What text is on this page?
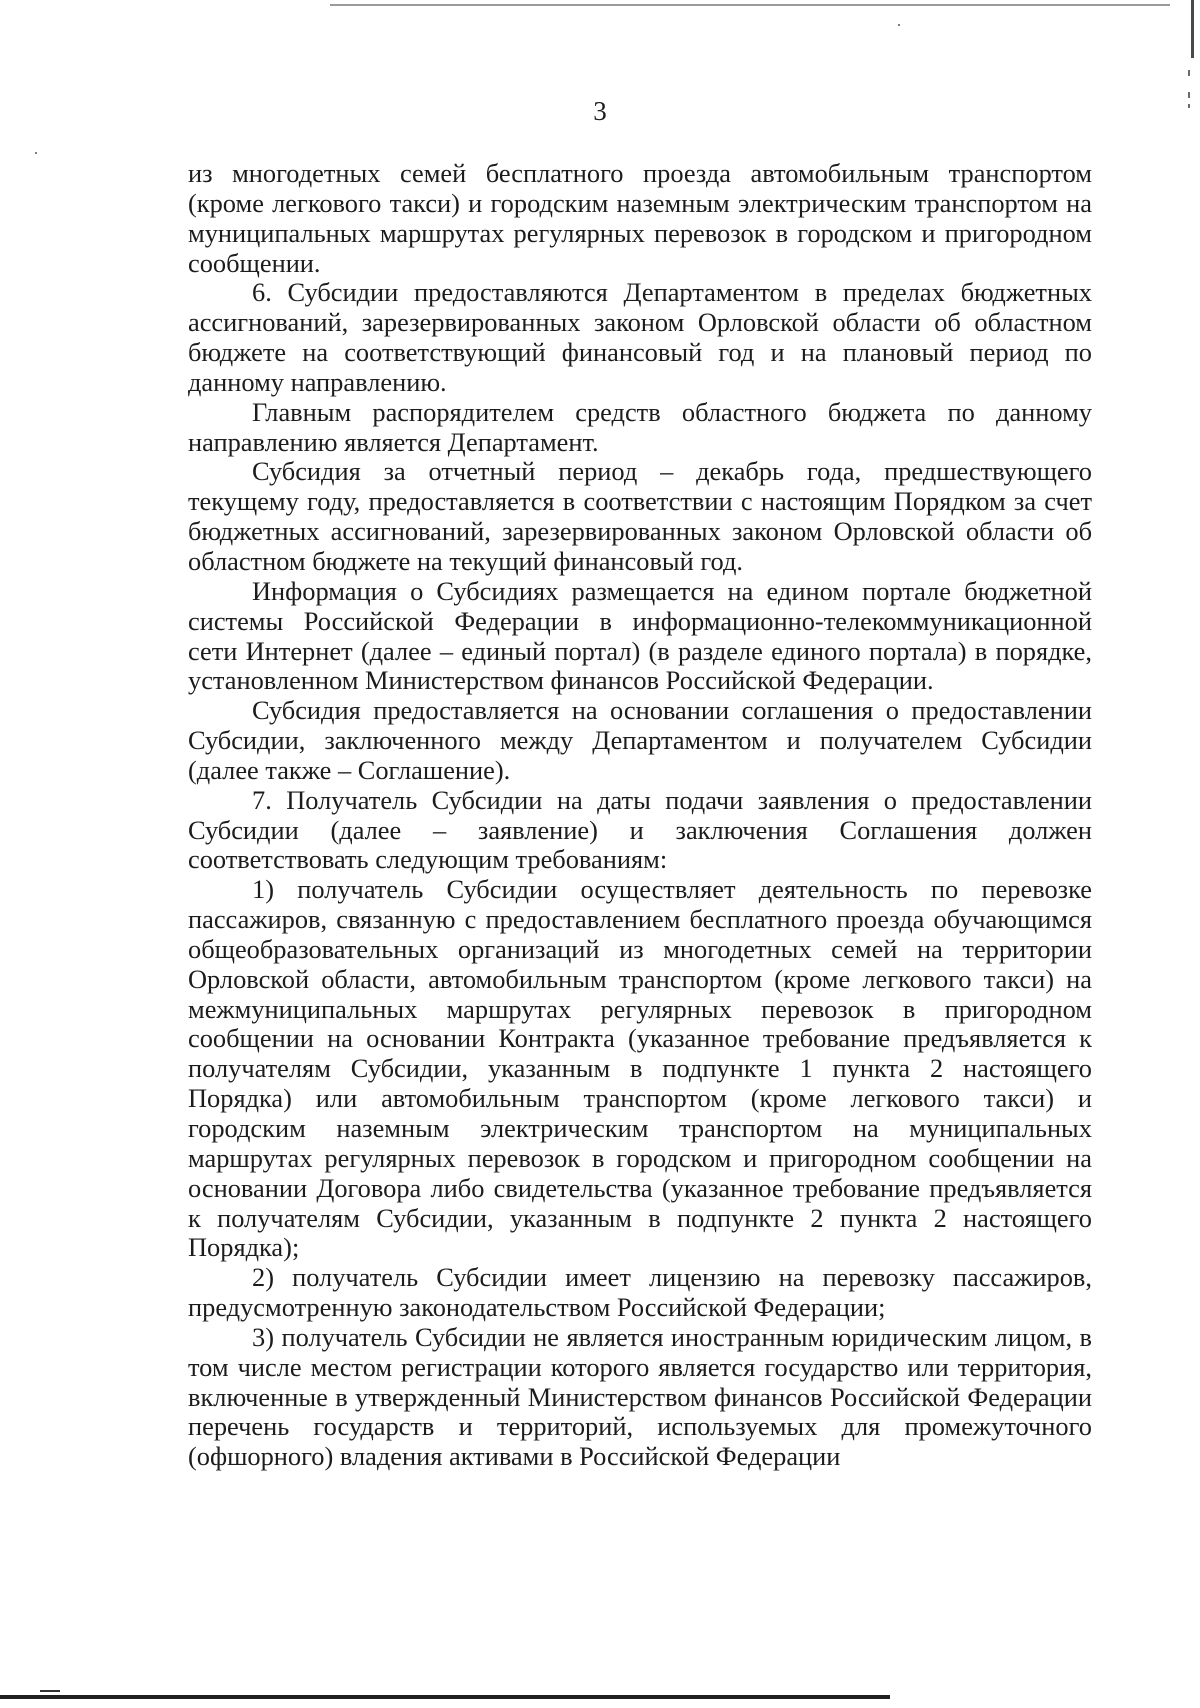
3

из многодетных семей бесплатного проезда автомобильным транспортом (кроме легкового такси) и городским наземным электрическим транспортом на муниципальных маршрутах регулярных перевозок в городском и пригородном сообщении.

6. Субсидии предоставляются Департаментом в пределах бюджетных ассигнований, зарезервированных законом Орловской области об областном бюджете на соответствующий финансовый год и на плановый период по данному направлению.

Главным распорядителем средств областного бюджета по данному направлению является Департамент.

Субсидия за отчетный период – декабрь года, предшествующего текущему году, предоставляется в соответствии с настоящим Порядком за счет бюджетных ассигнований, зарезервированных законом Орловской области об областном бюджете на текущий финансовый год.

Информация о Субсидиях размещается на едином портале бюджетной системы Российской Федерации в информационно-телекоммуникационной сети Интернет (далее – единый портал) (в разделе единого портала) в порядке, установленном Министерством финансов Российской Федерации.

Субсидия предоставляется на основании соглашения о предоставлении Субсидии, заключенного между Департаментом и получателем Субсидии (далее также – Соглашение).

7. Получатель Субсидии на даты подачи заявления о предоставлении Субсидии (далее – заявление) и заключения Соглашения должен соответствовать следующим требованиям:

1) получатель Субсидии осуществляет деятельность по перевозке пассажиров, связанную с предоставлением бесплатного проезда обучающимся общеобразовательных организаций из многодетных семей на территории Орловской области, автомобильным транспортом (кроме легкового такси) на межмуниципальных маршрутах регулярных перевозок в пригородном сообщении на основании Контракта (указанное требование предъявляется к получателям Субсидии, указанным в подпункте 1 пункта 2 настоящего Порядка) или автомобильным транспортом (кроме легкового такси) и городским наземным электрическим транспортом на муниципальных маршрутах регулярных перевозок в городском и пригородном сообщении на основании Договора либо свидетельства (указанное требование предъявляется к получателям Субсидии, указанным в подпункте 2 пункта 2 настоящего Порядка);

2) получатель Субсидии имеет лицензию на перевозку пассажиров, предусмотренную законодательством Российской Федерации;

3) получатель Субсидии не является иностранным юридическим лицом, в том числе местом регистрации которого является государство или территория, включенные в утвержденный Министерством финансов Российской Федерации перечень государств и территорий, используемых для промежуточного (офшорного) владения активами в Российской Федерации
